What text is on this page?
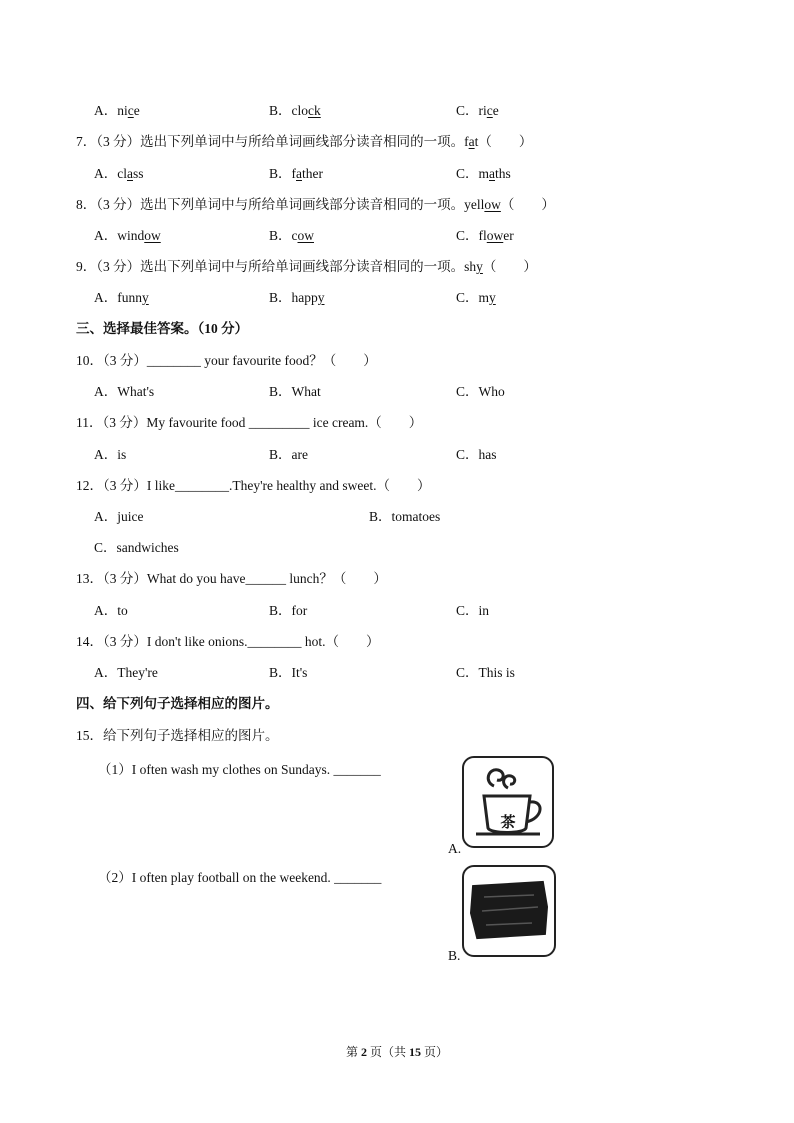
A．nice	B．clock	C．rice
7．（3 分）选出下列单词中与所给单词画线部分读音相同的一项。fat（　　）
A．class	B．father	C．maths
8．（3 分）选出下列单词中与所给单词画线部分读音相同的一项。yellow（　　）
A．window	B．cow	C．flower
9．（3 分）选出下列单词中与所给单词画线部分读音相同的一项。shy（　　）
A．funny	B．happy	C．my
三、选择最佳答案。（10 分）
10．（3 分）________ your favourite food？（　　）
A．What's	B．What	C．Who
11．（3 分）My favourite food _________ ice cream.（　　）
A．is	B．are	C．has
12．（3 分）I like________.They're healthy and sweet.（　　）
A．juice	B．tomatoes
C．sandwiches
13．（3 分）What do you have______ lunch？（　　）
A．to	B．for	C．in
14．（3 分）I don't like onions.________ hot.（　　）
A．They're	B．It's	C．This is
四、给下列句子选择相应的图片。
15．给下列句子选择相应的图片。
（1）I often wash my clothes on Sundays. _______
（2）I often play football on the weekend. _______
茶
A.
B.
第 2 页（共 15 页）
